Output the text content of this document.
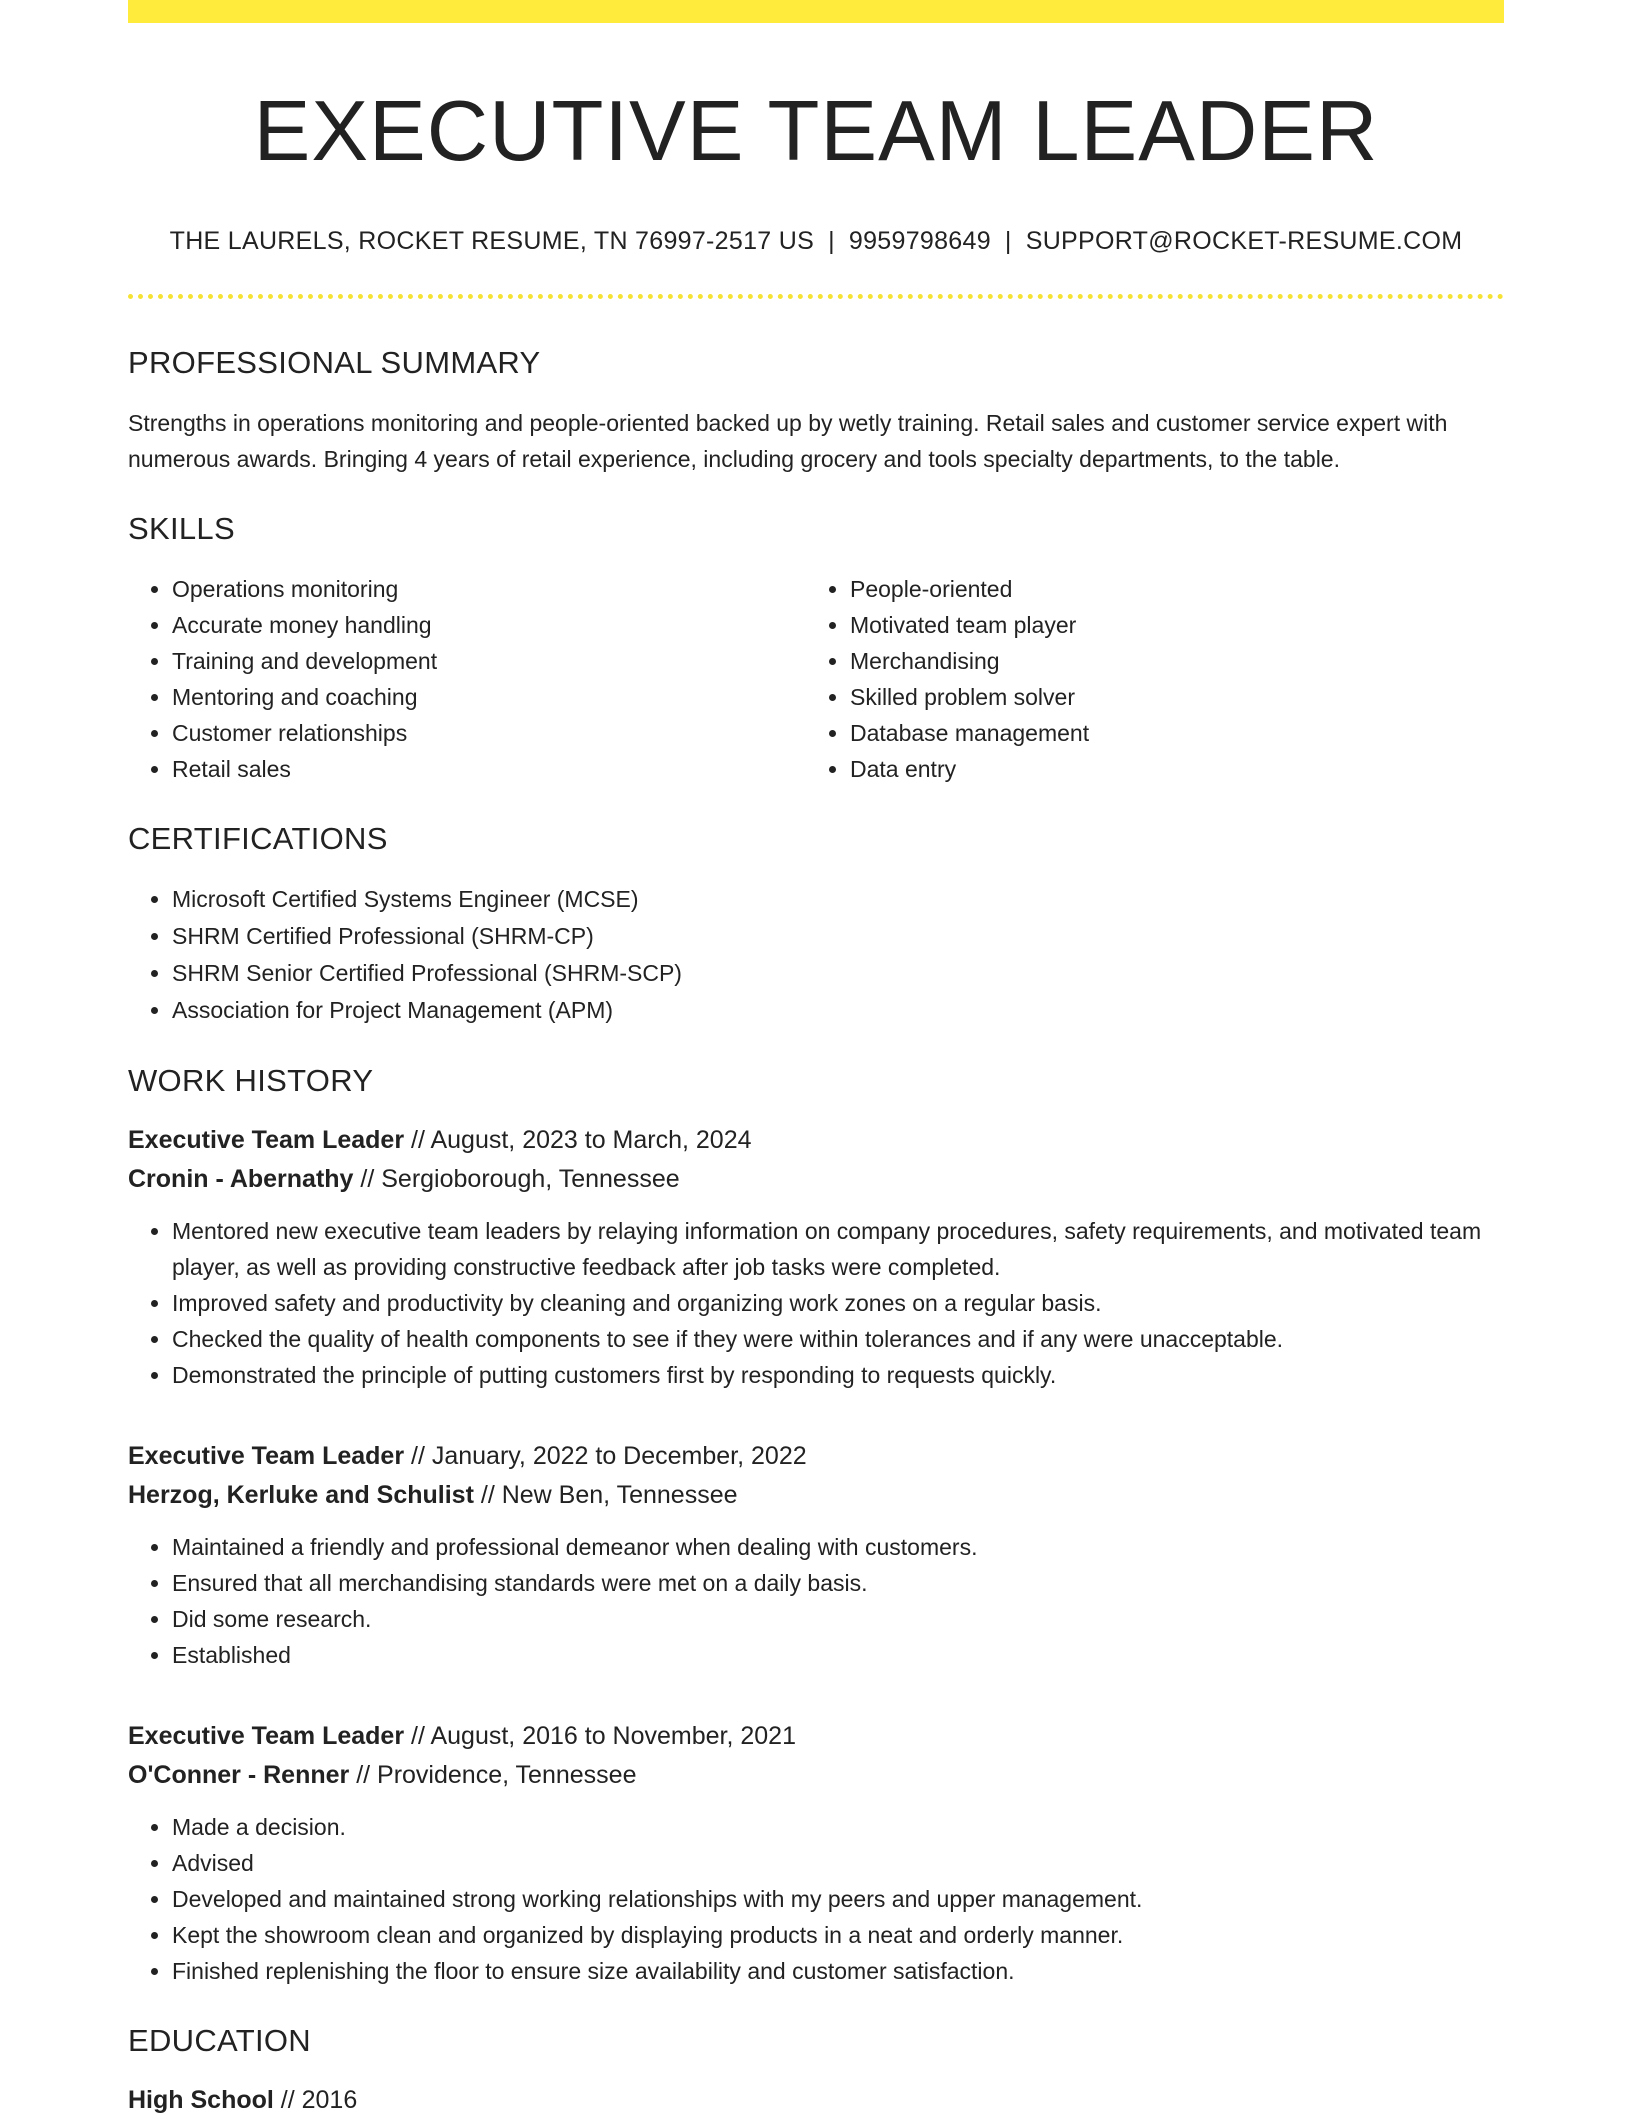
EXECUTIVE TEAM LEADER
THE LAURELS, ROCKET RESUME, TN 76997-2517 US | 9959798649 | SUPPORT@ROCKET-RESUME.COM
PROFESSIONAL SUMMARY
Strengths in operations monitoring and people-oriented backed up by wetly training. Retail sales and customer service expert with numerous awards. Bringing 4 years of retail experience, including grocery and tools specialty departments, to the table.
SKILLS
• Operations monitoring
• Accurate money handling
• Training and development
• Mentoring and coaching
• Customer relationships
• Retail sales
• People-oriented
• Motivated team player
• Merchandising
• Skilled problem solver
• Database management
• Data entry
CERTIFICATIONS
• Microsoft Certified Systems Engineer (MCSE)
• SHRM Certified Professional (SHRM-CP)
• SHRM Senior Certified Professional (SHRM-SCP)
• Association for Project Management (APM)
WORK HISTORY
Executive Team Leader // August, 2023 to March, 2024
Cronin - Abernathy // Sergioborough, Tennessee
• Mentored new executive team leaders by relaying information on company procedures, safety requirements, and motivated team player, as well as providing constructive feedback after job tasks were completed.
• Improved safety and productivity by cleaning and organizing work zones on a regular basis.
• Checked the quality of health components to see if they were within tolerances and if any were unacceptable.
• Demonstrated the principle of putting customers first by responding to requests quickly.
Executive Team Leader // January, 2022 to December, 2022
Herzog, Kerluke and Schulist // New Ben, Tennessee
• Maintained a friendly and professional demeanor when dealing with customers.
• Ensured that all merchandising standards were met on a daily basis.
• Did some research.
• Established
Executive Team Leader // August, 2016 to November, 2021
O'Conner - Renner // Providence, Tennessee
• Made a decision.
• Advised
• Developed and maintained strong working relationships with my peers and upper management.
• Kept the showroom clean and organized by displaying products in a neat and orderly manner.
• Finished replenishing the floor to ensure size availability and customer satisfaction.
EDUCATION
High School // 2016
